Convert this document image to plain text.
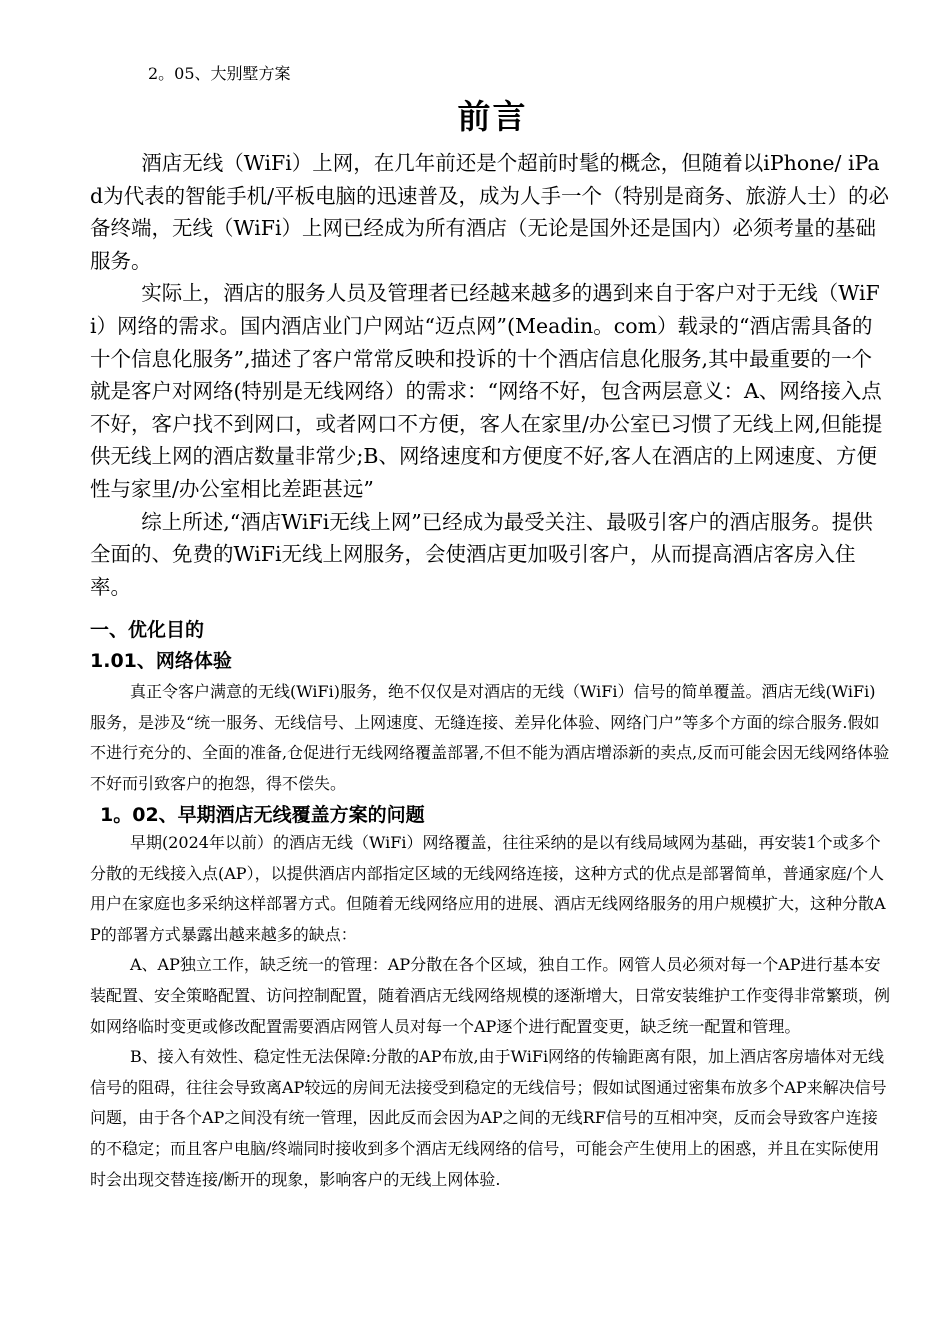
2。05、大别墅方案
前言

酒店无线（WiFi）上网，在几年前还是个超前时髦的概念，但随着以iPhone/ iPad为代表的智能手机/平板电脑的迅速普及，成为人手一个（特别是商务、旅游人士）的必备终端，无线（WiFi）上网已经成为所有酒店（无论是国外还是国内）必须考量的基础服务。

实际上，酒店的服务人员及管理者已经越来越多的遇到来自于客户对于无线（WiFi）网络的需求。国内酒店业门户网站“迈点网”(Meadin。com）载录的“酒店需具备的十个信息化服务”,描述了客户常常反映和投诉的十个酒店信息化服务,其中最重要的一个就是客户对网络(特别是无线网络）的需求：“网络不好，包含两层意义：A、网络接入点不好，客户找不到网口，或者网口不方便，客人在家里/办公室已习惯了无线上网,但能提供无线上网的酒店数量非常少;B、网络速度和方便度不好,客人在酒店的上网速度、方便性与家里/办公室相比差距甚远”

综上所述,“酒店WiFi无线上网”已经成为最受关注、最吸引客户的酒店服务。提供全面的、免费的WiFi无线上网服务，会使酒店更加吸引客户，从而提高酒店客房入住率。

一、优化目的
1.01、网络体验

真正令客户满意的无线(WiFi)服务，绝不仅仅是对酒店的无线（WiFi）信号的简单覆盖。酒店无线(WiFi)服务，是涉及“统一服务、无线信号、上网速度、无缝连接、差异化体验、网络门户”等多个方面的综合服务.假如不进行充分的、全面的准备,仓促进行无线网络覆盖部署,不但不能为酒店增添新的卖点,反而可能会因无线网络体验不好而引致客户的抱怨，得不偿失。

1。02、早期酒店无线覆盖方案的问题

早期(2024年以前）的酒店无线（WiFi）网络覆盖，往往采纳的是以有线局域网为基础，再安装1个或多个分散的无线接入点(AP），以提供酒店内部指定区域的无线网络连接，这种方式的优点是部署简单，普通家庭/个人用户在家庭也多采纳这样部署方式。但随着无线网络应用的进展、酒店无线网络服务的用户规模扩大，这种分散AP的部署方式暴露出越来越多的缺点：

A、AP独立工作，缺乏统一的管理：AP分散在各个区域，独自工作。网管人员必须对每一个AP进行基本安装配置、安全策略配置、访问控制配置，随着酒店无线网络规模的逐渐增大，日常安装维护工作变得非常繁琐，例如网络临时变更或修改配置需要酒店网管人员对每一个AP逐个进行配置变更，缺乏统一配置和管理。

B、接入有效性、稳定性无法保障:分散的AP布放,由于WiFi网络的传输距离有限，加上酒店客房墙体对无线信号的阻碍，往往会导致离AP较远的房间无法接受到稳定的无线信号；假如试图通过密集布放多个AP来解决信号问题，由于各个AP之间没有统一管理，因此反而会因为AP之间的无线RF信号的互相冲突，反而会导致客户连接的不稳定；而且客户电脑/终端同时接收到多个酒店无线网络的信号，可能会产生使用上的困惑，并且在实际使用时会出现交替连接/断开的现象，影响客户的无线上网体验.
